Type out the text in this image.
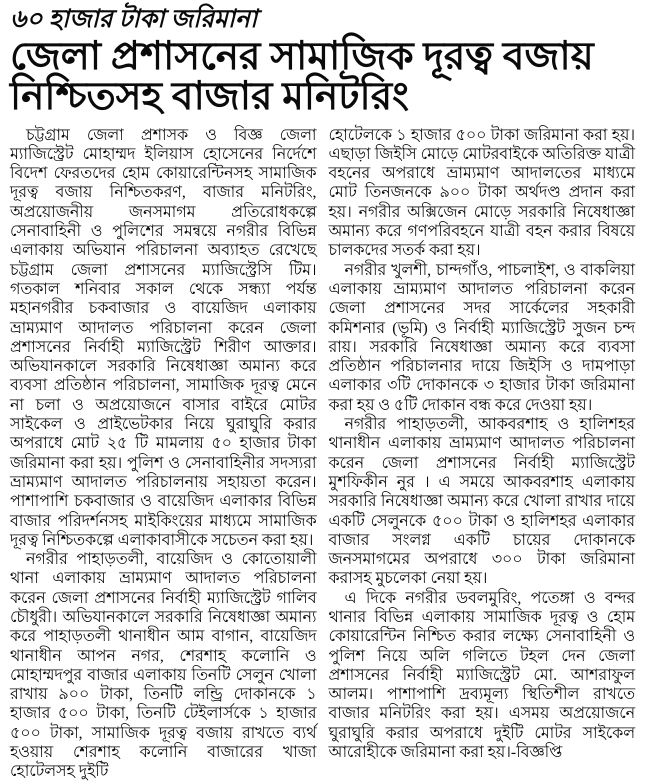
৬০ হাজার টাকা জরিমানা
জেলা প্রশাসনের সামাজিক দূরত্ব বজায় নিশ্চিতসহ বাজার মনিটরিং

চট্টগ্রাম জেলা প্রশাসক ও বিজ্ঞ জেলা ম্যাজিস্ট্রেট মোহাম্মদ ইলিয়াস হোসেনের নির্দেশে বিদেশ ফেরতদের হোম কোয়ারেন্টিনসহ সামাজিক দূরত্ব বজায় নিশ্চিতকরণ, বাজার মনিটরিং, অপ্রয়োজনীয় জনসমাগম প্রতিরোধকল্পে সেনাবাহিনী ও পুলিশের সমন্বয়ে নগরীর বিভিন্ন এলাকায় অভিযান পরিচালনা অব্যাহত রেখেছে চট্টগ্রাম জেলা প্রশাসনের ম্যাজিস্ট্রেসি টিম। গতকাল শনিবার সকাল থেকে সন্ধ্যা পর্যন্ত মহানগরীর চকবাজার ও বায়েজিদ এলাকায় ভ্রাম্যমাণ আদালত পরিচালনা করেন জেলা প্রশাসনের নির্বাহী ম্যাজিস্ট্রেট শিরীণ আক্তার। অভিযানকালে সরকারি নিষেধাজ্ঞা অমান্য করে ব্যবসা প্রতিষ্ঠান পরিচালনা, সামাজিক দূরত্ব মেনে না চলা ও অপ্রয়োজনে বাসার বাইরে মোটর সাইকেল ও প্রাইভেটকার নিয়ে ঘুরাঘুরি করার অপরাধে মোট ২৫ টি মামলায় ৫০ হাজার টাকা জরিমানা করা হয়। পুলিশ ও সেনাবাহিনীর সদস্যরা ভ্রাম্যমাণ আদালত পরিচালনায় সহায়তা করেন। পাশাপাশি চকবাজার ও বায়েজিদ এলাকার বিভিন্ন বাজার পরিদর্শনসহ মাইকিংয়ের মাধ্যমে সামাজিক দূরত্ব নিশ্চিতকল্পে এলাকাবাসীকে সচেতন করা হয়।

নগরীর পাহাড়তলী, বায়েজিদ ও কোতোয়ালী থানা এলাকায় ভ্রাম্যমাণ আদালত পরিচালনা করেন জেলা প্রশাসনের নির্বাহী ম্যাজিস্ট্রেট গালিব চৌধুরী। অভিযানকালে সরকারি নিষেধাজ্ঞা অমান্য করে পাহাড়তলী থানাধীন আম বাগান, বায়েজিদ থানাধীন আপন নগর, শেরশাহ কলোনি ও মোহাম্মদপুর বাজার এলাকায় তিনটি সেলুন খোলা রাখায় ৯০০ টাকা, তিনটি লন্ড্রি দোকানকে ১ হাজার ৫০০ টাকা, তিনটি টেইলার্সকে ১ হাজার ৫০০ টাকা, সামাজিক দূরত্ব বজায় রাখতে ব্যর্থ হওয়ায় শেরশাহ কলোনি বাজারের খাজা হোটেলসহ দুইটি

হোটেলকে ১ হাজার ৫০০ টাকা জরিমানা করা হয়। এছাড়া জিইসি মোড়ে মোটরবাইকে অতিরিক্ত যাত্রী বহনের অপরাধে ভ্রাম্যমাণ আদালতের মাধ্যমে মোট তিনজনকে ৯০০ টাকা অর্থদণ্ড প্রদান করা হয়। নগরীর অক্সিজেন মোড়ে সরকারি নিষেধাজ্ঞা অমান্য করে গণপরিবহনে যাত্রী বহন করার বিষয়ে চালকদের সতর্ক করা হয়।

নগরীর খুলশী, চান্দগাঁও, পাচলাইশ, ও বাকলিয়া এলাকায় ভ্রাম্যমাণ আদালত পরিচালনা করেন জেলা প্রশাসনের সদর সার্কেলের সহকারী কমিশনার (ভূমি) ও নির্বাহী ম্যাজিস্ট্রেট সুজন চন্দ রায়। সরকারি নিষেধাজ্ঞা অমান্য করে ব্যবসা প্রতিষ্ঠান পরিচালনার দায়ে জিইসি ও দামপাড়া এলাকার ৩টি দোকানকে ৩ হাজার টাকা জরিমানা করা হয় ও ৫টি দোকান বন্ধ করে দেওয়া হয়।

নগরীর পাহাড়তলী, আকবরশাহ ও হালিশহর থানাধীন এলাকায় ভ্রাম্যমাণ আদালত পরিচালনা করেন জেলা প্রশাসনের নির্বাহী ম্যাজিস্ট্রেট মুশফিকীন নুর । এ সময়ে আকবরশাহ এলাকায় সরকারি নিষেধাজ্ঞা অমান্য করে খোলা রাখার দায়ে একটি সেলুনকে ৫০০ টাকা ও হালিশহর এলাকার বাজার সংলগ্ন একটি চায়ের দোকানকে জনসমাগমের অপরাধে ৩০০ টাকা জরিমানা করাসহ মুচলেকা নেয়া হয়।

এ দিকে নগরীর ডবলমুরিং, পতেঙ্গা ও বন্দর থানার বিভিন্ন এলাকায় সামাজিক দূরত্ব ও হোম কোয়ারেন্টিন নিশ্চিত করার লক্ষ্যে সেনাবাহিনী ও পুলিশ নিয়ে অলি গলিতে টহল দেন জেলা প্রশাসনের নির্বাহী ম্যাজিস্ট্রেট মো. আশরাফুল আলম। পাশাপাশি দ্রব্যমূল্য স্থিতিশীল রাখতে বাজার মনিটরিং করা হয়। এসময় অপ্রয়োজনে ঘুরাঘুরি করার অপরাধে দুইটি মোটর সাইকেল আরোহীকে জরিমানা করা হয়।-বিজ্ঞপ্তি
